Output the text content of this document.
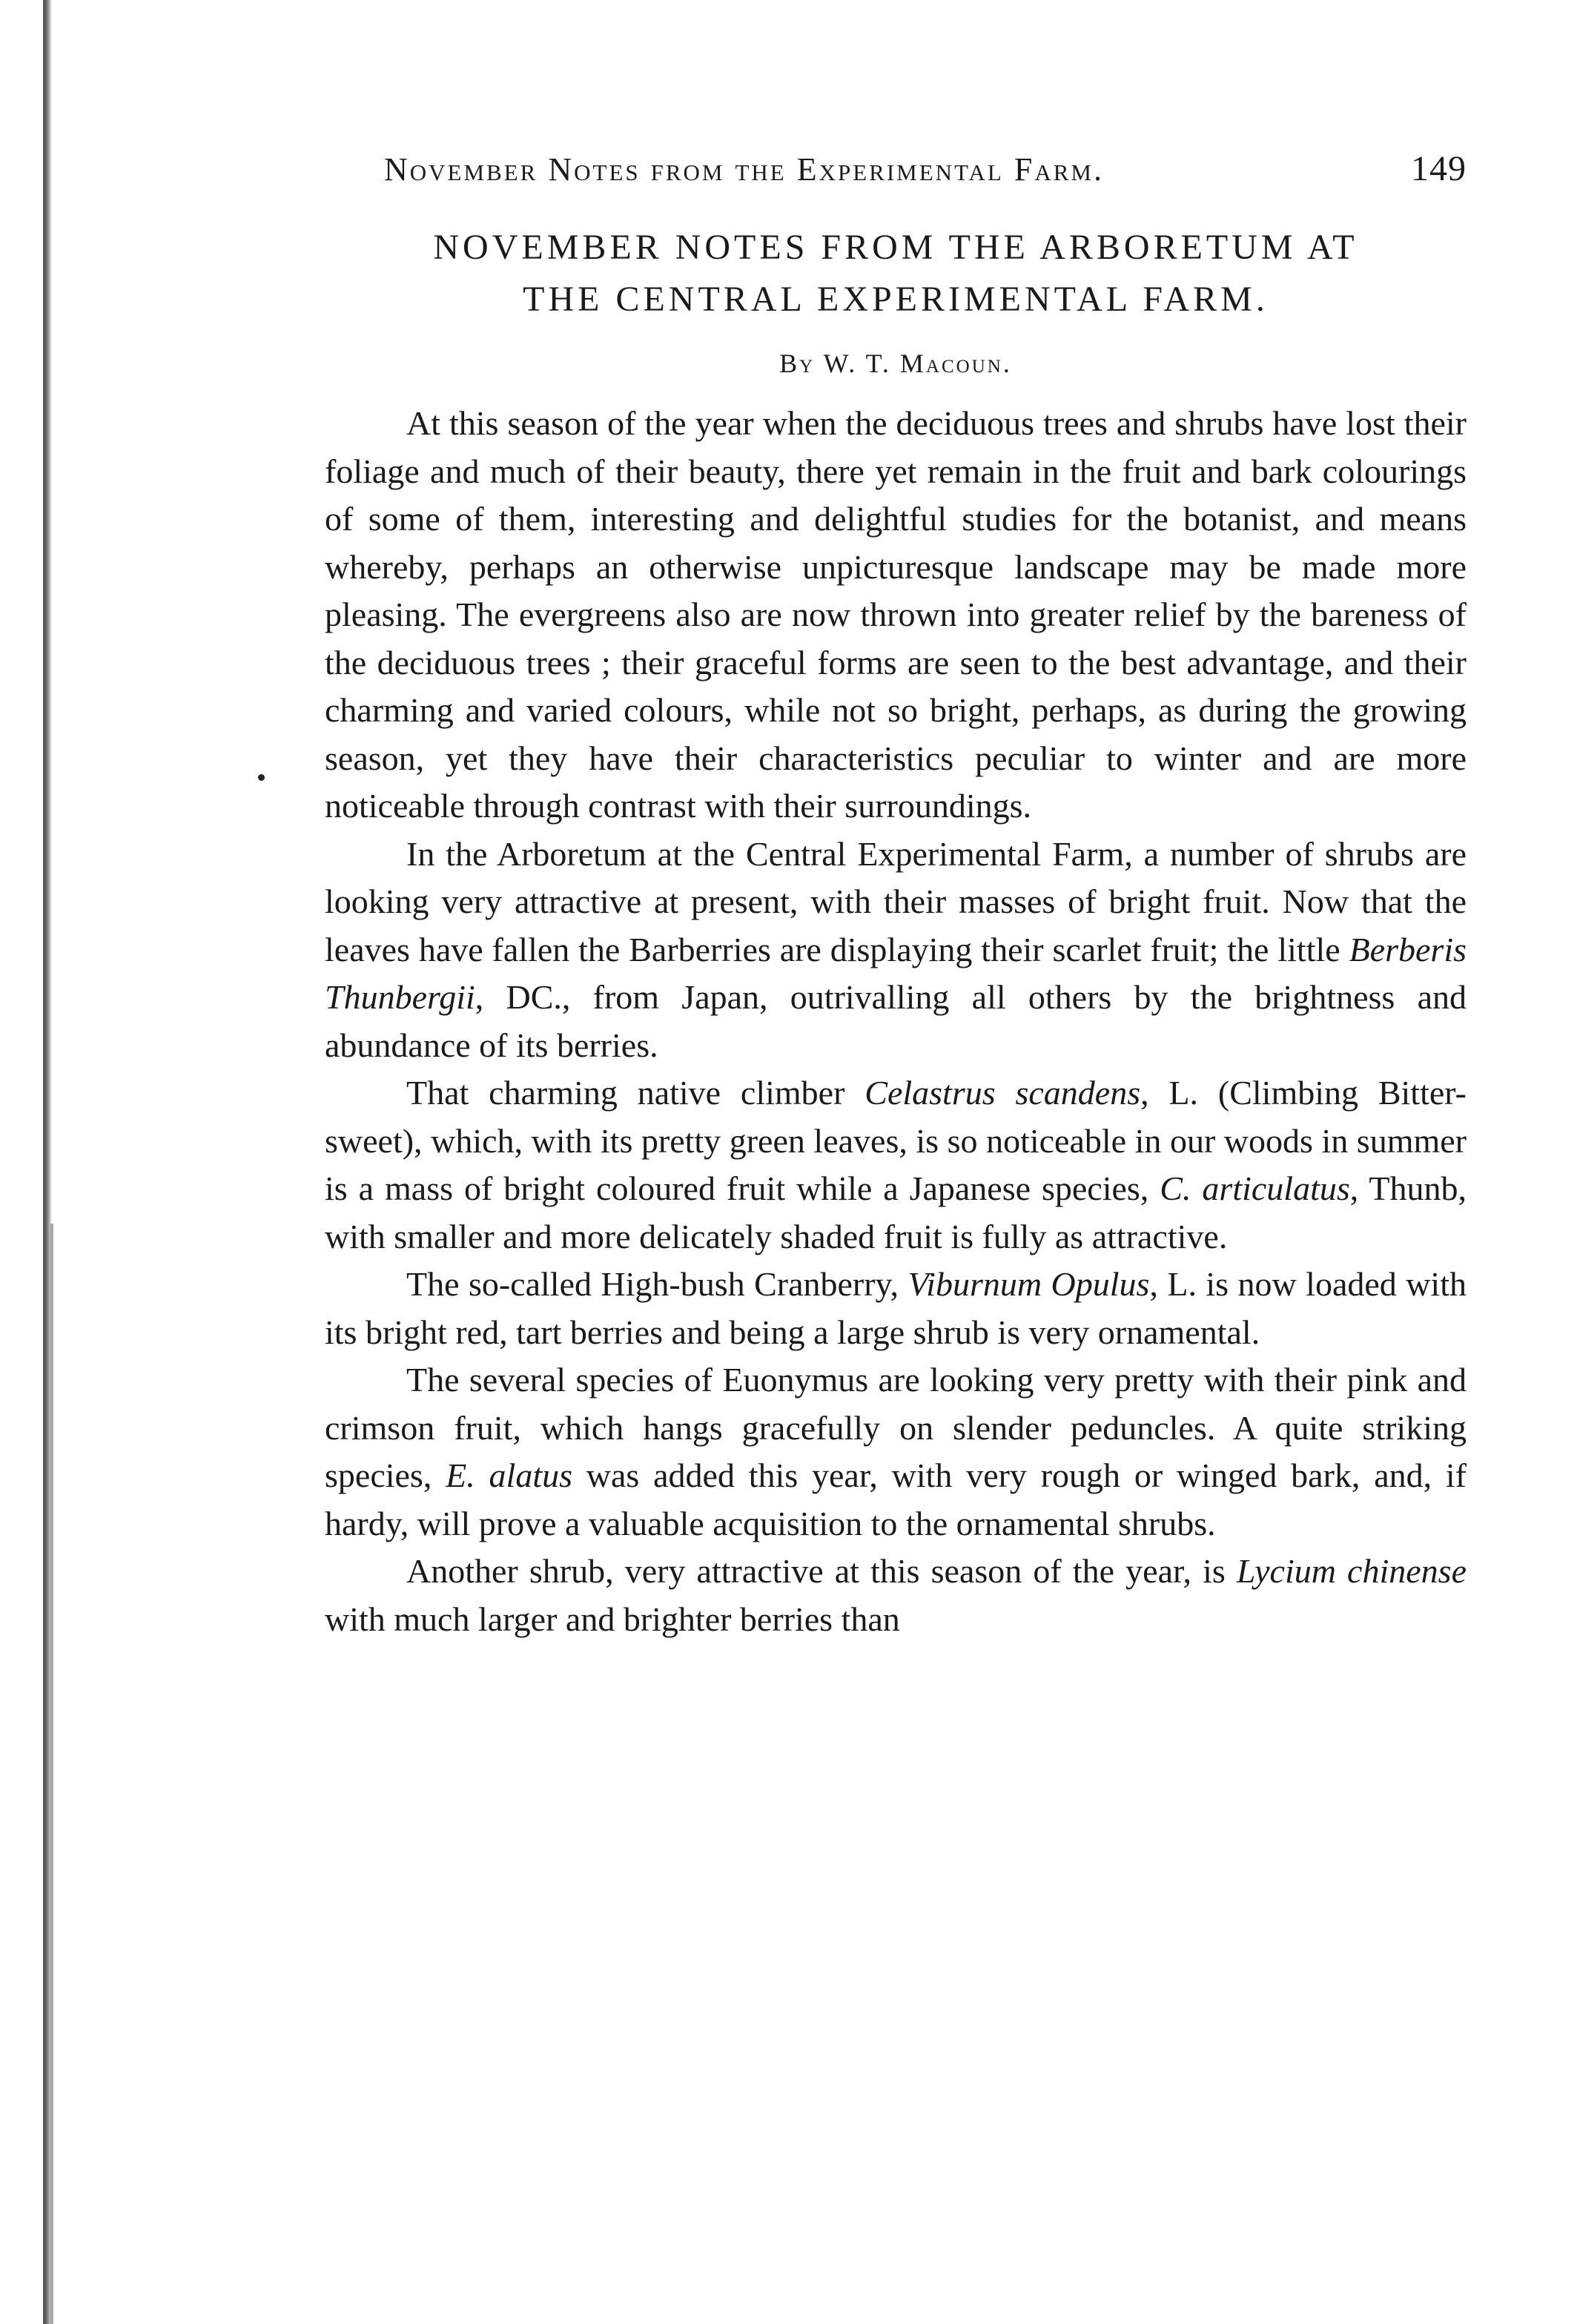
November Notes from the Experimental Farm.	149
NOVEMBER NOTES FROM THE ARBORETUM AT
THE CENTRAL EXPERIMENTAL FARM.
By W. T. Macoun.

At this season of the year when the deciduous trees and shrubs have lost their foliage and much of their beauty, there yet remain in the fruit and bark colourings of some of them, interesting and delightful studies for the botanist, and means whereby, perhaps an otherwise unpicturesque landscape may be made more pleasing. The evergreens also are now thrown into greater relief by the bareness of the deciduous trees ; their graceful forms are seen to the best advantage, and their charming and varied colours, while not so bright, perhaps, as during the growing season, yet they have their characteristics peculiar to winter and are more noticeable through contrast with their surroundings.

In the Arboretum at the Central Experimental Farm, a number of shrubs are looking very attractive at present, with their masses of bright fruit. Now that the leaves have fallen the Barberries are displaying their scarlet fruit; the little Berberis Thunbergii, DC., from Japan, outrivalling all others by the brightness and abundance of its berries.

That charming native climber Celastrus scandens, L. (Climbing Bitter-sweet), which, with its pretty green leaves, is so noticeable in our woods in summer is a mass of bright coloured fruit while a Japanese species, C. articulatus, Thunb, with smaller and more delicately shaded fruit is fully as attractive.

The so-called High-bush Cranberry, Viburnum Opulus, L. is now loaded with its bright red, tart berries and being a large shrub is very ornamental.

The several species of Euonymus are looking very pretty with their pink and crimson fruit, which hangs gracefully on slender peduncles. A quite striking species, E. alatus was added this year, with very rough or winged bark, and, if hardy, will prove a valuable acquisition to the ornamental shrubs.

Another shrub, very attractive at this season of the year, is Lycium chinense with much larger and brighter berries than
